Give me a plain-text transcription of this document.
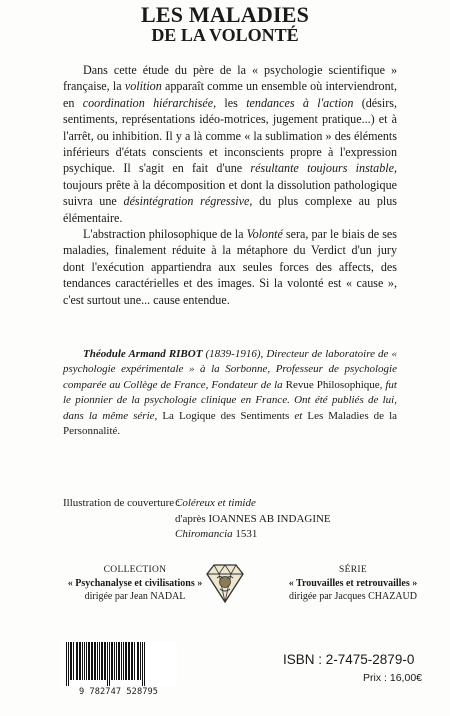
LES MALADIES
DE LA VOLONTÉ

Dans cette étude du père de la « psychologie scientifique » française, la volition apparaît comme un ensemble où interviendront, en coordination hiérarchisée, les tendances à l'action (désirs, sentiments, représentations idéo-motrices, jugement pratique...) et à l'arrêt, ou inhibition. Il y a là comme « la sublimation » des éléments inférieurs d'états conscients et inconscients propre à l'expression psychique. Il s'agit en fait d'une résultante toujours instable, toujours prête à la décomposition et dont la dissolution pathologique suivra une désintégration régressive, du plus complexe au plus élémentaire.

L'abstraction philosophique de la Volonté sera, par le biais de ses maladies, finalement réduite à la métaphore du Verdict d'un jury dont l'exécution appartiendra aux seules forces des affects, des tendances caractérielles et des images. Si la volonté est « cause », c'est surtout une... cause entendue.

Théodule Armand RIBOT (1839-1916), Directeur de laboratoire de « psychologie expérimentale » à la Sorbonne, Professeur de psychologie comparée au Collège de France, Fondateur de la Revue Philosophique, fut le pionnier de la psychologie clinique en France. Ont été publiés de lui, dans la même série, La Logique des Sentiments et Les Maladies de la Personnalité.

Illustration de couverture :
Coléreux et timide
d'après IOANNES AB INDAGINE
Chiromancia 1531
COLLECTION
« Psychanalyse et civilisations »
dirigée par Jean NADAL
SÉRIE
« Trouvailles et retrouvailles »
dirigée par Jacques CHAZAUD
9 782747 528795
ISBN : 2-7475-2879-0
Prix : 16,00€
